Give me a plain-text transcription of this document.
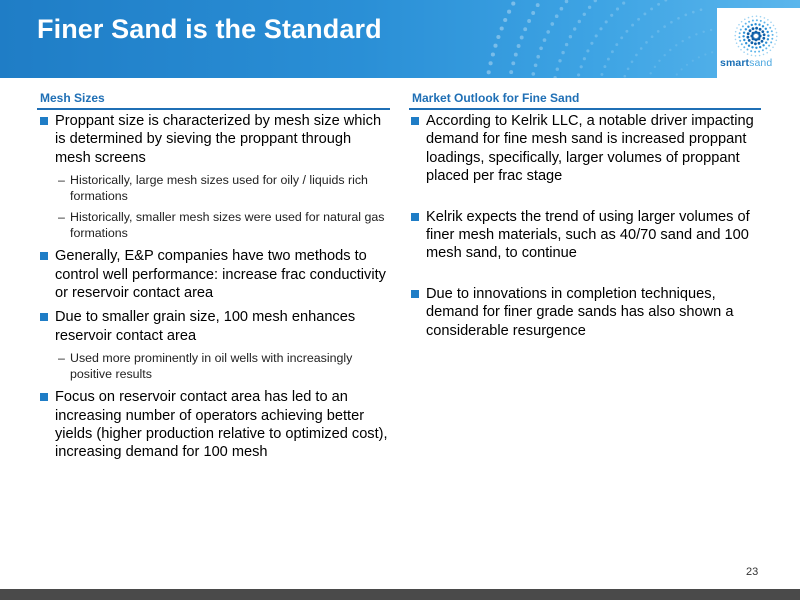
Finer Sand is the Standard
smartsand
Mesh Sizes	Market Outlook for Fine Sand
Proppant size is characterized by mesh size which is determined by sieving the proppant through mesh screens
– Historically, large mesh sizes used for oily / liquids rich formations
– Historically, smaller mesh sizes were used for natural gas formations
Generally, E&P companies have two methods to control well performance: increase frac conductivity or reservoir contact area
Due to smaller grain size, 100 mesh enhances reservoir contact area
– Used more prominently in oil wells with increasingly positive results
Focus on reservoir contact area has led to an increasing number of operators achieving better yields (higher production relative to optimized cost), increasing demand for 100 mesh
According to Kelrik LLC, a notable driver impacting demand for fine mesh sand is increased proppant loadings, specifically, larger volumes of proppant placed per frac stage
Kelrik expects the trend of using larger volumes of finer mesh materials, such as 40/70 sand and 100 mesh sand, to continue
Due to innovations in completion techniques, demand for finer grade sands has also shown a considerable resurgence
23
